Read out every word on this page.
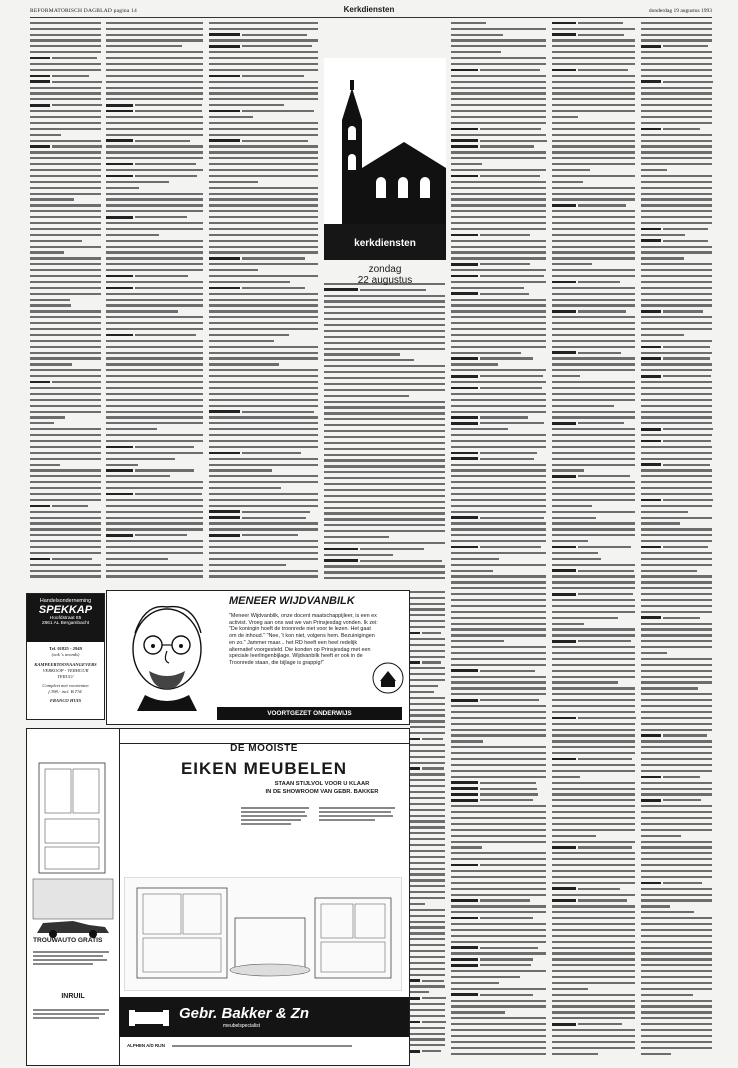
REFORMATORISCH DAGBLAD pagina 14	Kerkdiensten	donderdag 19 augustus 1993
kerkdiensten
zondag
22 augustus
Handelsonderneming
SPEKKAP
Hoofdstraat 85
2861 AL Bergambacht
Tel. 01825 - 2949
(ook 's avonds)
KAMPEERTOONAANGEVERS
VERKOOP - VERHUUR
TERUG!
Compleet met voortenten
f.398,- incl. B.T.W.
FRANCO HUIS
MENEER WIJDVANBILK
"Meneer Wijdvanbilk, onze docent maatschappijleer, is een ex activist. Vroeg aan ons wat we van Prinsjesdag vonden. Ik zei: "De koningin hoeft de troonrede niet voor te lezen. Het gaat om de inhoud." "Nee, 't kon niet, volgens hem. Bezuinigingen en zo." Jammer maar... het RD heeft een heel redelijk alternatief voorgesteld. Die konden op Prinsjesdag met een speciale leerlingenbijlage. Wijdvanbilk heeft er ook in de Troonrede staan, die bijlage is grappig!"
VOORTGEZET ONDERWIJS
TROUWAUTO GRATIS
INRUIL
DE MOOISTE
EIKEN MEUBELEN
STAAN STIJLVOL VOOR U KLAAR
IN DE SHOWROOM VAN GEBR. BAKKER
Gebr. Bakker & Zn
meubelspecialist
ALPHEN A/D RIJN
